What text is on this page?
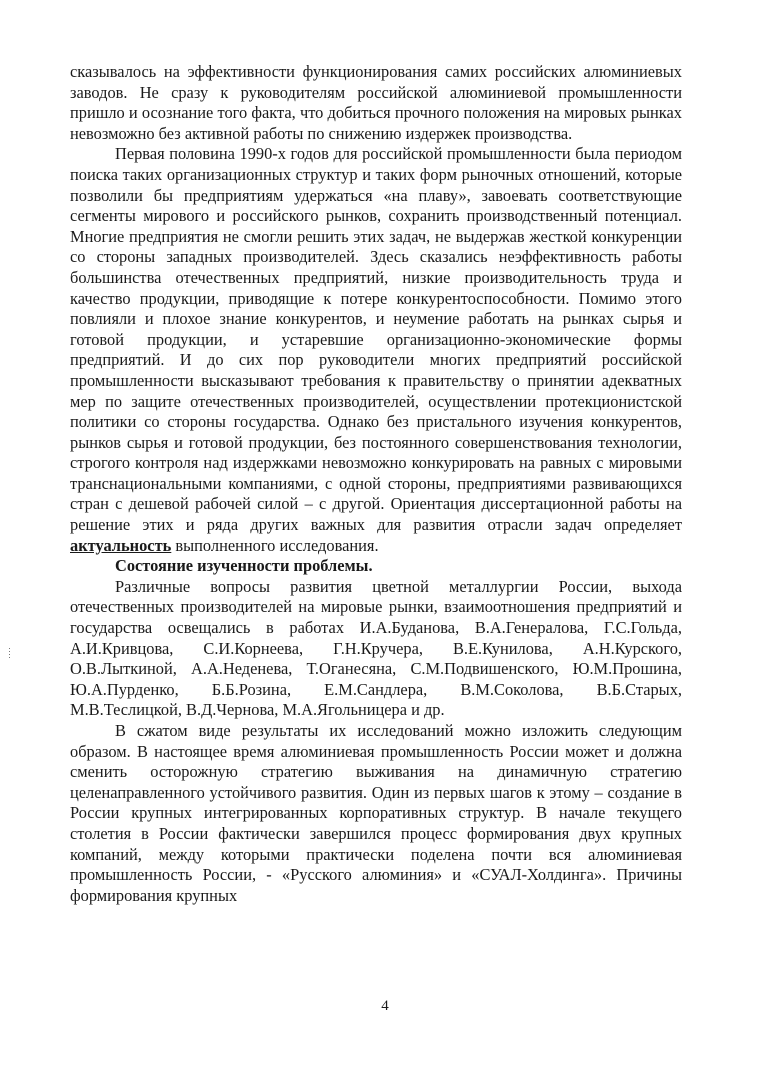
сказывалось на эффективности функционирования самих российских алюминиевых заводов. Не сразу к руководителям российской алюминиевой промышленности пришло и осознание того факта, что добиться прочного положения на мировых рынках невозможно без активной работы по снижению издержек производства.

Первая половина 1990-х годов для российской промышленности была периодом поиска таких организационных структур и таких форм рыночных отношений, которые позволили бы предприятиям удержаться «на плаву», завоевать соответствующие сегменты мирового и российского рынков, сохранить производственный потенциал. Многие предприятия не смогли решить этих задач, не выдержав жесткой конкуренции со стороны западных производителей. Здесь сказались неэффективность работы большинства отечественных предприятий, низкие производительность труда и качество продукции, приводящие к потере конкурентоспособности. Помимо этого повлияли и плохое знание конкурентов, и неумение работать на рынках сырья и готовой продукции, и устаревшие организационно-экономические формы предприятий. И до сих пор руководители многих предприятий российской промышленности высказывают требования к правительству о принятии адекватных мер по защите отечественных производителей, осуществлении протекционистской политики со стороны государства. Однако без пристального изучения конкурентов, рынков сырья и готовой продукции, без постоянного совершенствования технологии, строгого контроля над издержками невозможно конкурировать на равных с мировыми транснациональными компаниями, с одной стороны, предприятиями развивающихся стран с дешевой рабочей силой – с другой. Ориентация диссертационной работы на решение этих и ряда других важных для развития отрасли задач определяет актуальность выполненного исследования.

Состояние изученности проблемы.

Различные вопросы развития цветной металлургии России, выхода отечественных производителей на мировые рынки, взаимоотношения предприятий и государства освещались в работах И.А.Буданова, В.А.Генералова, Г.С.Гольда, А.И.Кривцова, С.И.Корнеева, Г.Н.Кручера, В.Е.Кунилова, А.Н.Курского, О.В.Лыткиной, А.А.Неденева, Т.Оганесяна, С.М.Подвишенского, Ю.М.Прошина, Ю.А.Пурденко, Б.Б.Розина, Е.М.Сандлера, В.М.Соколова, В.Б.Старых, М.В.Теслицкой, В.Д.Чернова, М.А.Ягольницера и др.

В сжатом виде результаты их исследований можно изложить следующим образом. В настоящее время алюминиевая промышленность России может и должна сменить осторожную стратегию выживания на динамичную стратегию целенаправленного устойчивого развития. Один из первых шагов к этому – создание в России крупных интегрированных корпоративных структур. В начале текущего столетия в России фактически завершился процесс формирования двух крупных компаний, между которыми практически поделена почти вся алюминиевая промышленность России, - «Русского алюминия» и «СУАЛ-Холдинга». Причины формирования крупных

4
